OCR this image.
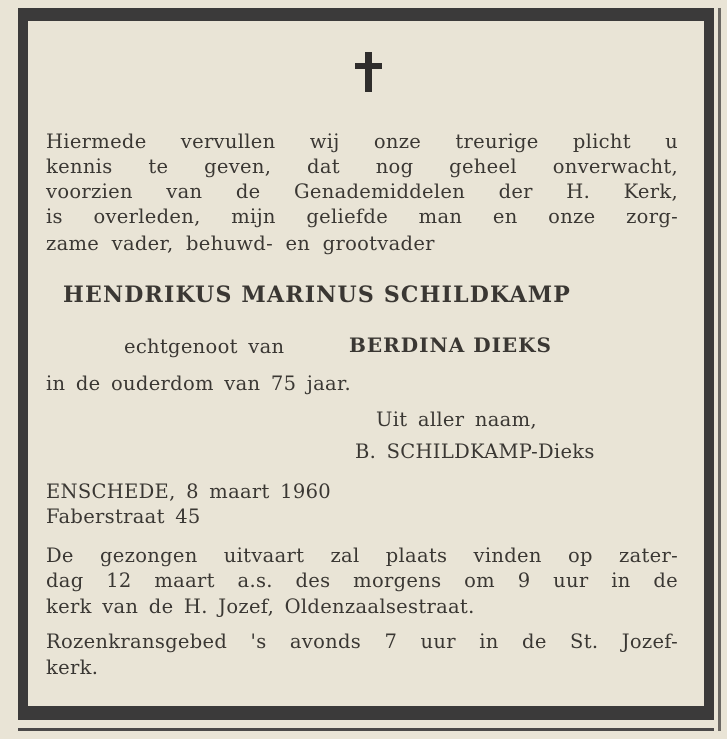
Hiermede vervullen wij onze treurige plicht u
kennis te geven, dat nog geheel onverwacht,
voorzien van de Genademiddelen der H. Kerk,
is overleden, mijn geliefde man en onze zorg-
zame vader, behuwd- en grootvader
HENDRIKUS MARINUS SCHILDKAMP
echtgenoot van	BERDINA DIEKS
in de ouderdom van 75 jaar.
Uit aller naam,
B. SCHILDKAMP-Dieks
ENSCHEDE, 8 maart 1960
Faberstraat 45
De gezongen uitvaart zal plaats vinden op zater-
dag 12 maart a.s. des morgens om 9 uur in de
kerk van de H. Jozef, Oldenzaalsestraat.
Rozenkransgebed 's avonds 7 uur in de St. Jozef-
kerk.
